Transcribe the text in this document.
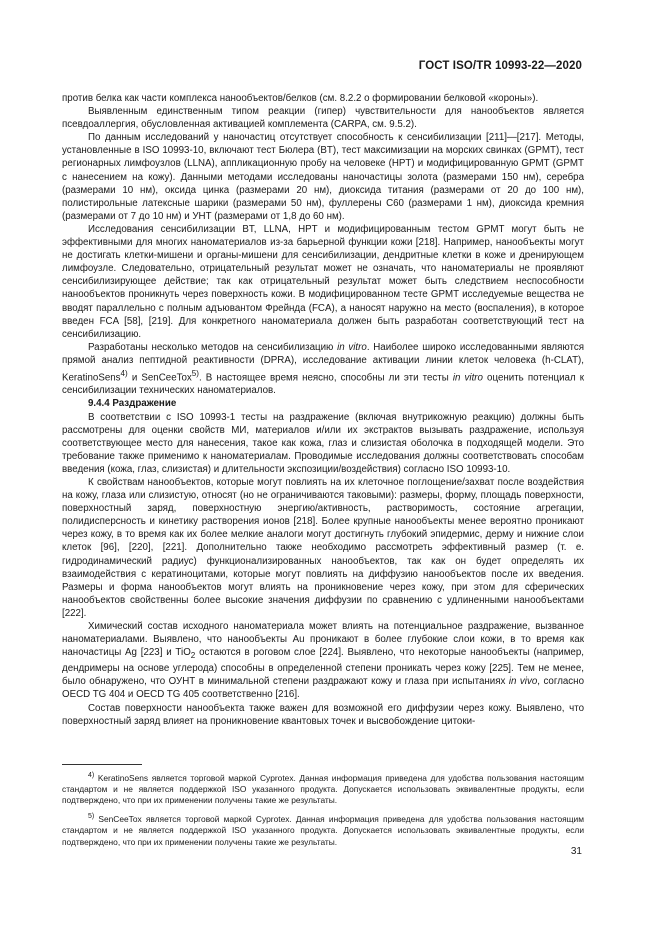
ГОСТ ISO/TR 10993-22—2020

против белка как части комплекса нанообъектов/белков (см. 8.2.2 о формировании белковой «короны»).

Выявленным единственным типом реакции (гипер) чувствительности для нанообъектов является псевдоаллергия, обусловленная активацией комплемента (CARPA, см. 9.5.2).

По данным исследований у наночастиц отсутствует способность к сенсибилизации [211]—[217]. Методы, установленные в ISO 10993-10, включают тест Бюлера (BT), тест максимизации на морских свинках (GPMT), тест регионарных лимфоузлов (LLNA), аппликационную пробу на человеке (HPT) и модифицированную GPMT (GPMT с нанесением на кожу). Данными методами исследованы наночастицы золота (размерами 150 нм), серебра (размерами 10 нм), оксида цинка (размерами 20 нм), диоксида титания (размерами от 20 до 100 нм), полистирольные латексные шарики (размерами 50 нм), фуллерены C60 (размерами 1 нм), диоксида кремния (размерами от 7 до 10 нм) и УНТ (размерами от 1,8 до 60 нм).

Исследования сенсибилизации BT, LLNA, HPT и модифицированным тестом GPMT могут быть не эффективными для многих наноматериалов из-за барьерной функции кожи [218]. Например, нанообъекты могут не достигать клетки-мишени и органы-мишени для сенсибилизации, дендритные клетки в коже и дренирующем лимфоузле. Следовательно, отрицательный результат может не означать, что наноматериалы не проявляют сенсибилизирующее действие; так как отрицательный результат может быть следствием неспособности нанообъектов проникнуть через поверхность кожи. В модифицированном тесте GPMT исследуемые вещества не вводят параллельно с полным адъювантом Фрейнда (FCA), а наносят наружно на место (воспаления), в которое введен FCA [58], [219]. Для конкретного наноматериала должен быть разработан соответствующий тест на сенсибилизацию.

Разработаны несколько методов на сенсибилизацию in vitro. Наиболее широко исследованными являются прямой анализ пептидной реактивности (DPRA), исследование активации линии клеток человека (h-CLAT), KeratinoSens$^{4)}$ и SenCeeTox$^{5)}$. В настоящее время неясно, способны ли эти тесты in vitro оценить потенциал к сенсибилизации технических наноматериалов.

9.4.4 Раздражение

В соответствии с ISO 10993-1 тесты на раздражение (включая внутрикожную реакцию) должны быть рассмотрены для оценки свойств МИ, материалов и/или их экстрактов вызывать раздражение, используя соответствующее место для нанесения, такое как кожа, глаз и слизистая оболочка в подходящей модели. Это требование также применимо к наноматериалам. Проводимые исследования должны соответствовать способам введения (кожа, глаз, слизистая) и длительности экспозиции/воздействия) согласно ISO 10993-10.

К свойствам нанообъектов, которые могут повлиять на их клеточное поглощение/захват после воздействия на кожу, глаза или слизистую, относят (но не ограничиваются таковыми): размеры, форму, площадь поверхности, поверхностный заряд, поверхностную энергию/активность, растворимость, состояние агрегации, полидисперсность и кинетику растворения ионов [218]. Более крупные нанообъекты менее вероятно проникают через кожу, в то время как их более мелкие аналоги могут достигнуть глубокий эпидермис, дерму и нижние слои клеток [96], [220], [221]. Дополнительно также необходимо рассмотреть эффективный размер (т. е. гидродинамический радиус) функционализированных нанообъектов, так как он будет определять их взаимодействия с кератиноцитами, которые могут повлиять на диффузию нанообъектов после их введения. Размеры и форма нанообъектов могут влиять на проникновение через кожу, при этом для сферических нанообъектов свойственны более высокие значения диффузии по сравнению с удлиненными нанообъектами [222].

Химический состав исходного наноматериала может влиять на потенциальное раздражение, вызванное наноматериалами. Выявлено, что нанообъекты Au проникают в более глубокие слои кожи, в то время как наночастицы Ag [223] и TiO$_2$ остаются в роговом слое [224]. Выявлено, что некоторые нанообъекты (например, дендримеры на основе углерода) способны в определенной степени проникать через кожу [225]. Тем не менее, было обнаружено, что ОУНТ в минимальной степени раздражают кожу и глаза при испытаниях in vivo, согласно OECD TG 404 и OECD TG 405 соответственно [216].

Состав поверхности нанообъекта также важен для возможной его диффузии через кожу. Выявлено, что поверхностный заряд влияет на проникновение квантовых точек и высвобождение цитоки-

$^{4)}$ KeratinoSens является торговой маркой Cyprotex. Данная информация приведена для удобства пользования настоящим стандартом и не является поддержкой ISO указанного продукта. Допускается использовать эквивалентные продукты, если подтверждено, что при их применении получены такие же результаты.

$^{5)}$ SenCeeTox является торговой маркой Cyprotex. Данная информация приведена для удобства пользования настоящим стандартом и не является поддержкой ISO указанного продукта. Допускается использовать эквивалентные продукты, если подтверждено, что при их применении получены такие же результаты.

31
